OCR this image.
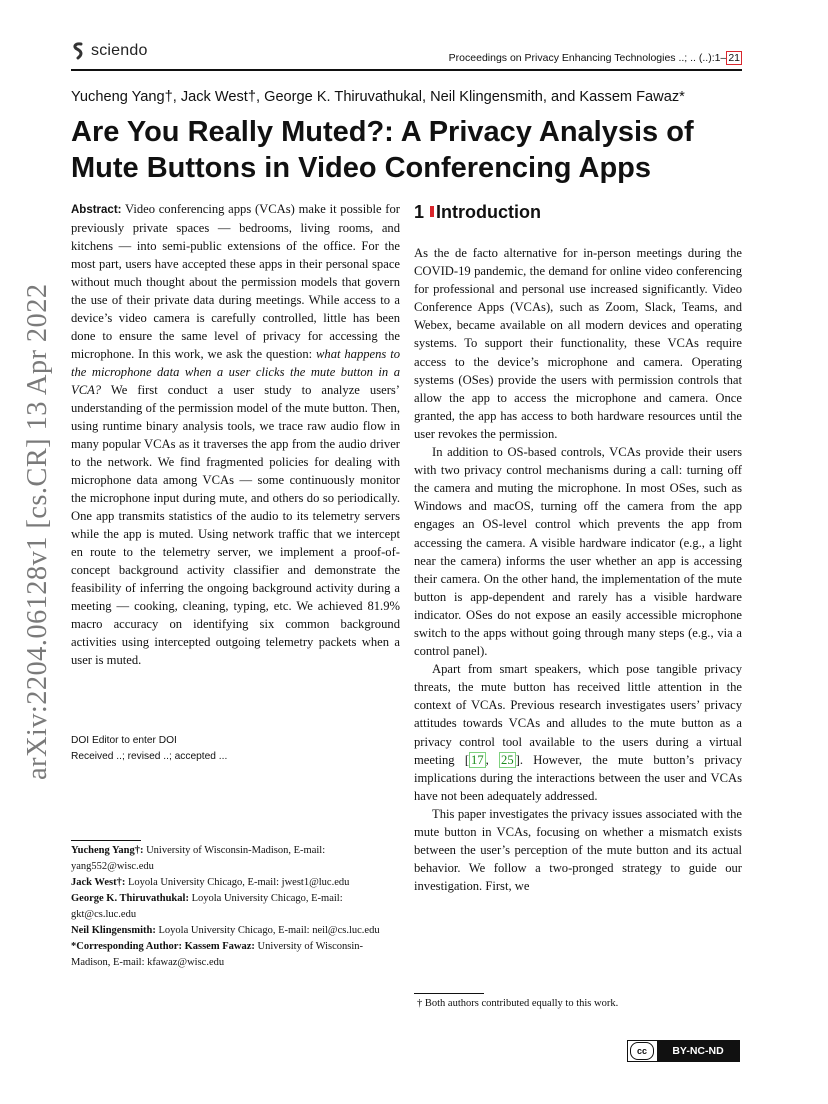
sciendo	Proceedings on Privacy Enhancing Technologies ..; .. (..):1– 21
Yucheng Yang†, Jack West†, George K. Thiruvathukal, Neil Klingensmith, and Kassem Fawaz*
Are You Really Muted?: A Privacy Analysis of
Mute Buttons in Video Conferencing Apps
arXiv:2204.06128v1 [cs.CR] 13 Apr 2022
Abstract: Video conferencing apps (VCAs) make it possible for previously private spaces — bedrooms, living rooms, and kitchens — into semi-public extensions of the office. For the most part, users have accepted these apps in their personal space without much thought about the permission models that govern the use of their private data during meetings. While access to a device’s video camera is carefully controlled, little has been done to ensure the same level of privacy for accessing the microphone. In this work, we ask the question: what happens to the microphone data when a user clicks the mute button in a VCA? We first conduct a user study to analyze users’ understanding of the permission model of the mute button. Then, using runtime binary analysis tools, we trace raw audio flow in many popular VCAs as it traverses the app from the audio driver to the network. We find fragmented policies for dealing with microphone data among VCAs — some continuously monitor the microphone input during mute, and others do so periodically. One app transmits statistics of the audio to its telemetry servers while the app is muted. Using network traffic that we intercept en route to the telemetry server, we implement a proof-of-concept background activity classifier and demonstrate the feasibility of inferring the ongoing background activity during a meeting — cooking, cleaning, typing, etc. We achieved 81.9% macro accuracy on identifying six common background activities using intercepted outgoing telemetry packets when a user is muted.
DOI Editor to enter DOI
Received ..; revised ..; accepted ...

Yucheng Yang†: University of Wisconsin-Madison, E-mail: yang552@wisc.edu

Jack West†: Loyola University Chicago, E-mail: jwest1@luc.edu

George K. Thiruvathukal: Loyola University Chicago, E-mail: gkt@cs.luc.edu

Neil Klingensmith: Loyola University Chicago, E-mail: neil@cs.luc.edu

*Corresponding Author: Kassem Fawaz: University of Wisconsin-Madison, E-mail: kfawaz@wisc.edu

1 Introduction

As the de facto alternative for in-person meetings during the COVID-19 pandemic, the demand for online video conferencing for professional and personal use increased significantly. Video Conference Apps (VCAs), such as Zoom, Slack, Teams, and Webex, became available on all modern devices and operating systems. To support their functionality, these VCAs require access to the device’s microphone and camera. Operating systems (OSes) provide the users with permission controls that allow the app to access the microphone and camera. Once granted, the app has access to both hardware resources until the user revokes the permission.

In addition to OS-based controls, VCAs provide their users with two privacy control mechanisms during a call: turning off the camera and muting the microphone. In most OSes, such as Windows and macOS, turning off the camera from the app engages an OS-level control which prevents the app from accessing the camera. A visible hardware indicator (e.g., a light near the camera) informs the user whether an app is accessing their camera. On the other hand, the implementation of the mute button is app-dependent and rarely has a visible hardware indicator. OSes do not expose an easily accessible microphone switch to the apps without going through many steps (e.g., via a control panel).

Apart from smart speakers, which pose tangible privacy threats, the mute button has received little attention in the context of VCAs. Previous research investigates users’ privacy attitudes towards VCAs and alludes to the mute button as a privacy control tool available to the users during a virtual meeting [ 17 , 25 ]. However, the mute button’s privacy implications during the interactions between the user and VCAs have not been adequately addressed.

This paper investigates the privacy issues associated with the mute button in VCAs, focusing on whether a mismatch exists between the user’s perception of the mute button and its actual behavior. We follow a two-pronged strategy to guide our investigation. First, we

† Both authors contributed equally to this work.
cc	BY-NC-ND
